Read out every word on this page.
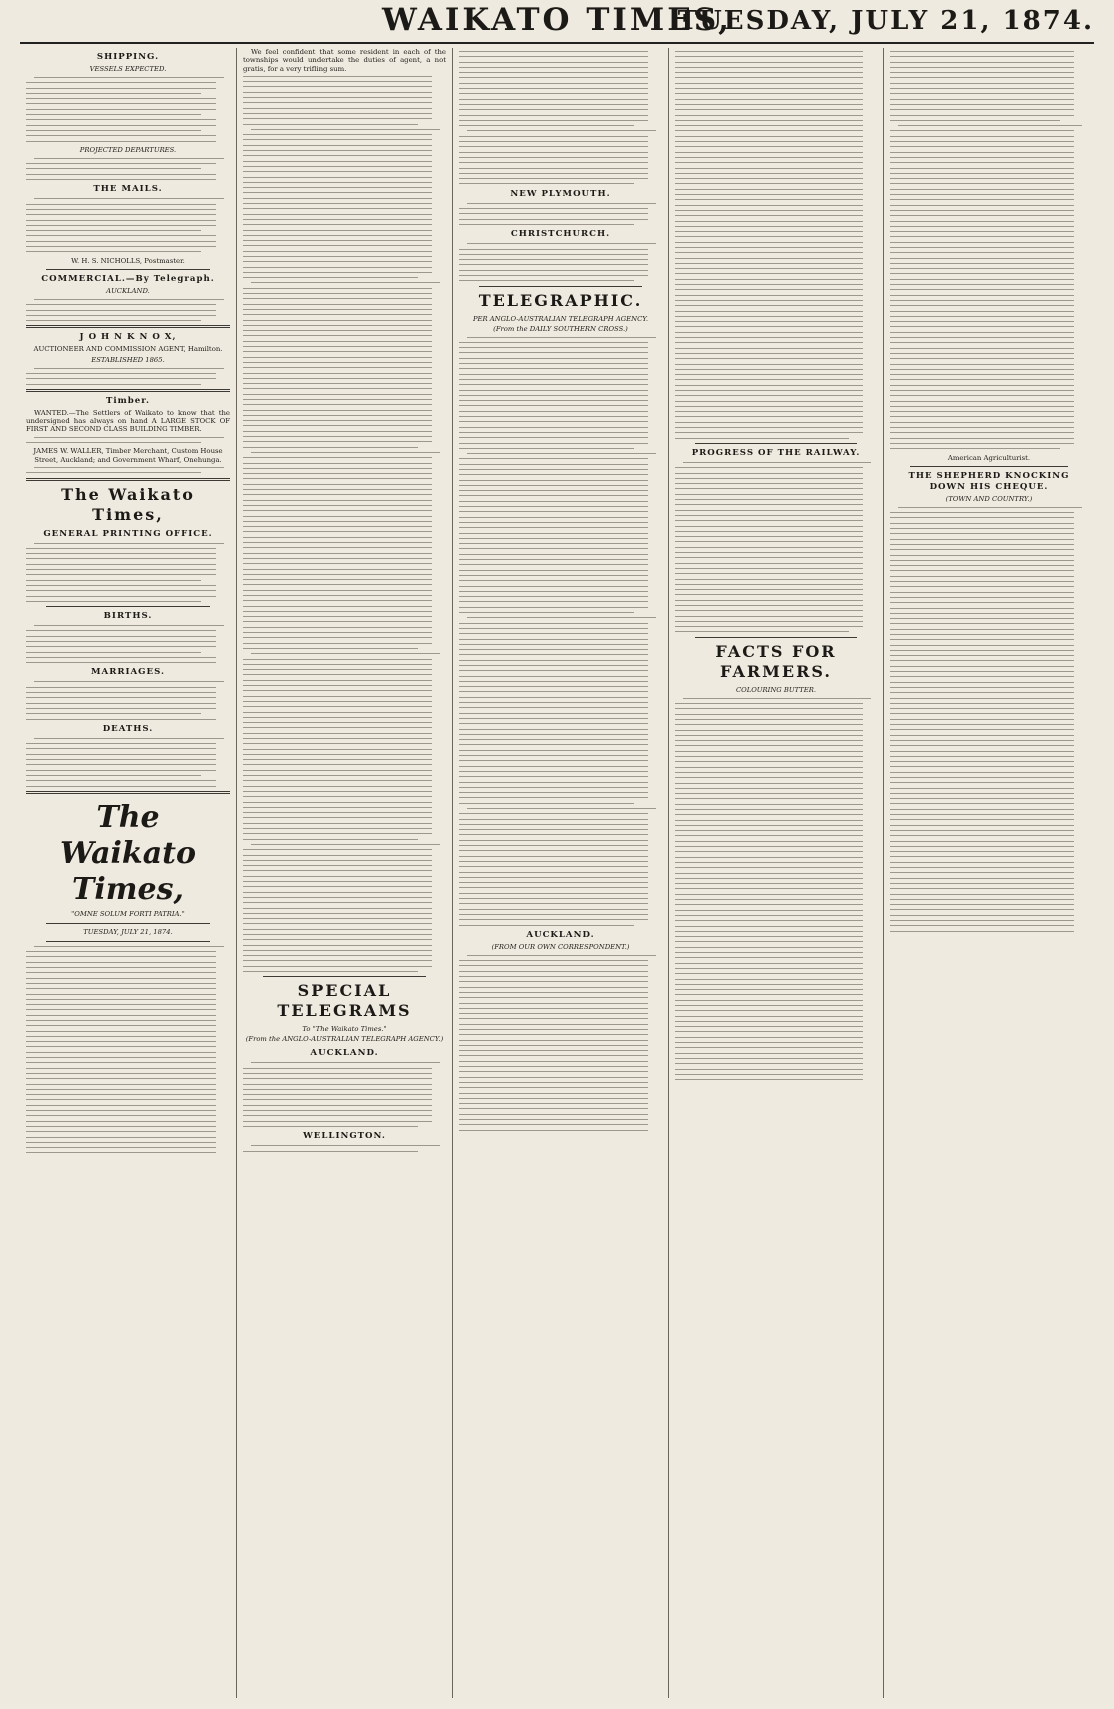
WAIKATO TIMES,
TUESDAY, JULY 21, 1874.
SHIPPING.
VESSELS EXPECTED.
PROJECTED DEPARTURES.
THE MAILS.

W. H. S. NICHOLLS, Postmaster.

COMMERCIAL.—By Telegraph.
AUCKLAND.
J O H N K N O X,

AUCTIONEER AND COMMISSION AGENT, Hamilton.

ESTABLISHED 1865.
Timber.

WANTED.—The Settlers of Waikato to know that the undersigned has always on hand A LARGE STOCK OF FIRST AND SECOND CLASS BUILDING TIMBER.

JAMES W. WALLER, Timber Merchant, Custom House Street, Auckland; and Government Wharf, Onehunga.

The Waikato Times,
GENERAL PRINTING OFFICE.
BIRTHS.
MARRIAGES.
DEATHS.
The Waikato Times,
"OMNE SOLUM FORTI PATRIA."
TUESDAY, JULY 21, 1874.

We feel confident that some resident in each of the townships would undertake the duties of agent, a not gratis, for a very trifling sum.

SPECIAL TELEGRAMS
To "The Waikato Times."
(From the ANGLO-AUSTRALIAN TELEGRAPH AGENCY.)
AUCKLAND.
WELLINGTON.
NEW PLYMOUTH.
CHRISTCHURCH.
TELEGRAPHIC.
PER ANGLO-AUSTRALIAN TELEGRAPH AGENCY.
(From the DAILY SOUTHERN CROSS.)
AUCKLAND.
(FROM OUR OWN CORRESPONDENT.)
PROGRESS OF THE RAILWAY.
FACTS FOR FARMERS.
COLOURING BUTTER.

American Agriculturist.

THE SHEPHERD KNOCKING DOWN HIS CHEQUE.
(TOWN AND COUNTRY.)
